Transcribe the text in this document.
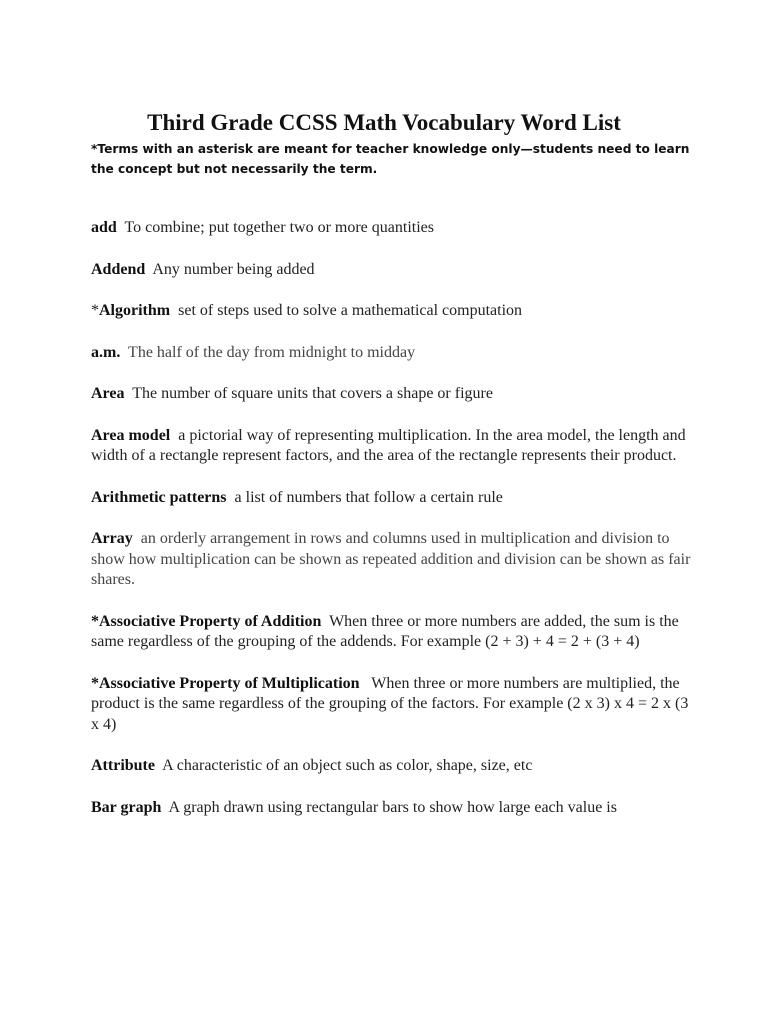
Third Grade CCSS Math Vocabulary Word List

*Terms with an asterisk are meant for teacher knowledge only—students need to learn the concept but not necessarily the term.

add To combine; put together two or more quantities

Addend Any number being added

*Algorithm set of steps used to solve a mathematical computation

a.m. The half of the day from midnight to midday

Area The number of square units that covers a shape or figure

Area model a pictorial way of representing multiplication. In the area model, the length and width of a rectangle represent factors, and the area of the rectangle represents their product.

Arithmetic patterns a list of numbers that follow a certain rule

Array an orderly arrangement in rows and columns used in multiplication and division to show how multiplication can be shown as repeated addition and division can be shown as fair shares.

*Associative Property of Addition When three or more numbers are added, the sum is the same regardless of the grouping of the addends. For example (2 + 3) + 4 = 2 + (3 + 4)

*Associative Property of Multiplication When three or more numbers are multiplied, the product is the same regardless of the grouping of the factors. For example (2 x 3) x 4 = 2 x (3 x 4)

Attribute A characteristic of an object such as color, shape, size, etc

Bar graph A graph drawn using rectangular bars to show how large each value is
